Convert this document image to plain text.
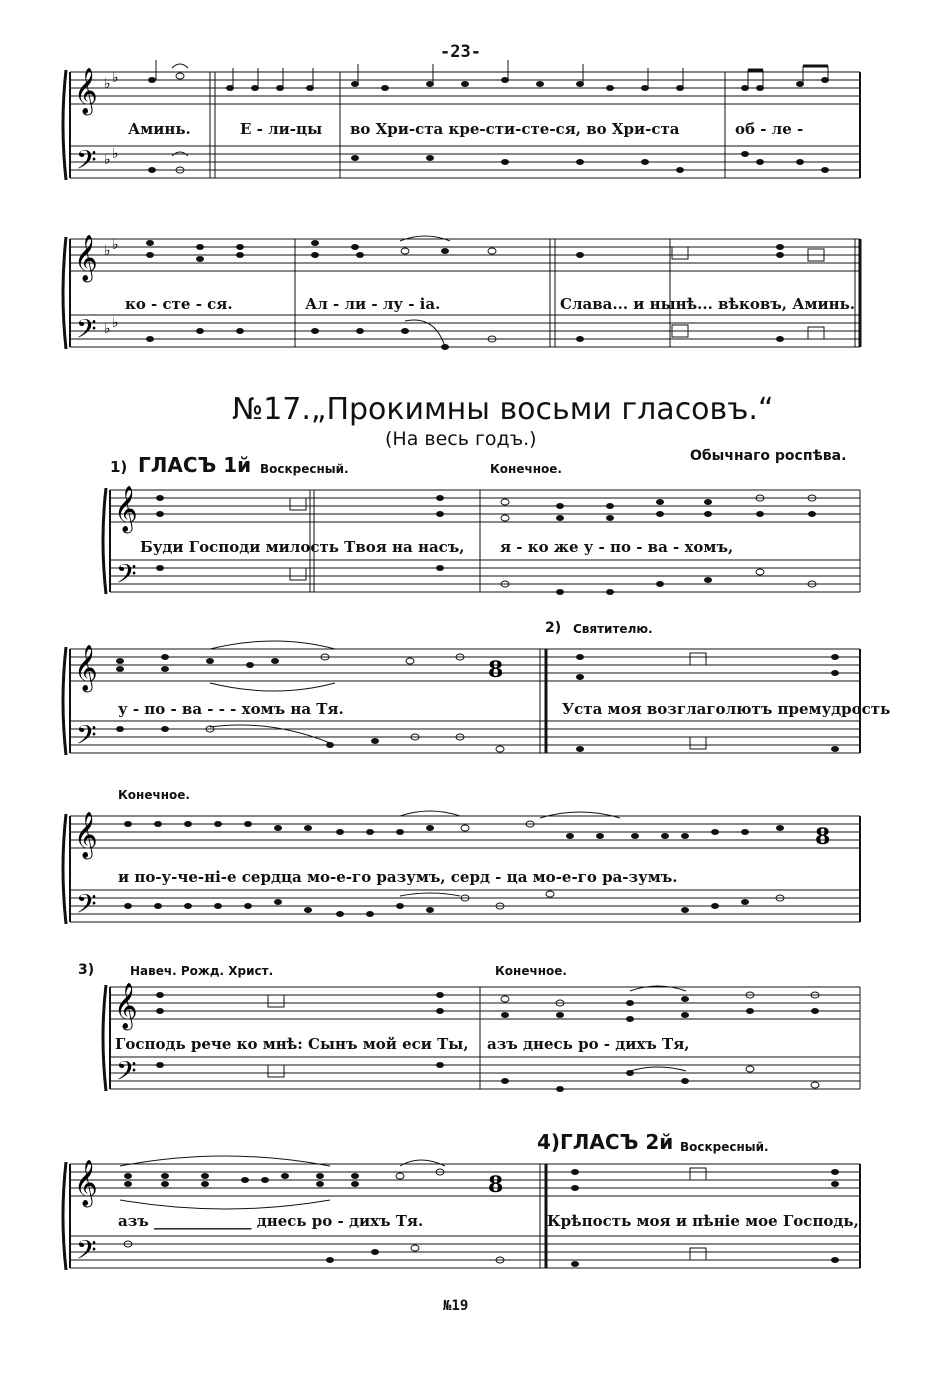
-23-
𝄞
𝄢
♭ ♭
♭ ♭
Аминь.	Е - ли-цы во Хри-ста кре-сти-сте-ся, во Хри-ста	об - ле -
𝄞
𝄢
♭ ♭
♭ ♭
ко - сте - ся.	Ал - ли - лу - іа.	Слава... и нынѣ... вѣковъ, Аминь.
№17.„Прокимны восьми гласовъ.“
(На весь годъ.)
1) ГЛАСЪ 1й Воскресный.	Конечное.
Обычнаго роспѣва.
𝄞
𝄢
Буди Господи милость Твоя на насъ, я - ко же у - по - ва - хомъ,
2) Святителю.
𝄞
𝄢
8
у - по - ва - - - хомъ на Тя.	Уста моя возглаголютъ премудрость
Конечное.
𝄞
𝄢
8
и по-у-че-ні-е сердца мо-е-го разумъ, серд - ца мо-е-го ра-зумъ.
3)	Навеч. Рожд. Христ.	Конечное.
𝄞
𝄢
Господь рече ко мнѣ: Сынъ мой еси Ты, азъ днесь ро - дихъ Тя,
4)ГЛАСЪ 2й Воскресный.
𝄞
𝄢
8
азъ _____________ днесь ро - дихъ Тя.	Крѣпость моя и пѣніе мое Господь,
№19
